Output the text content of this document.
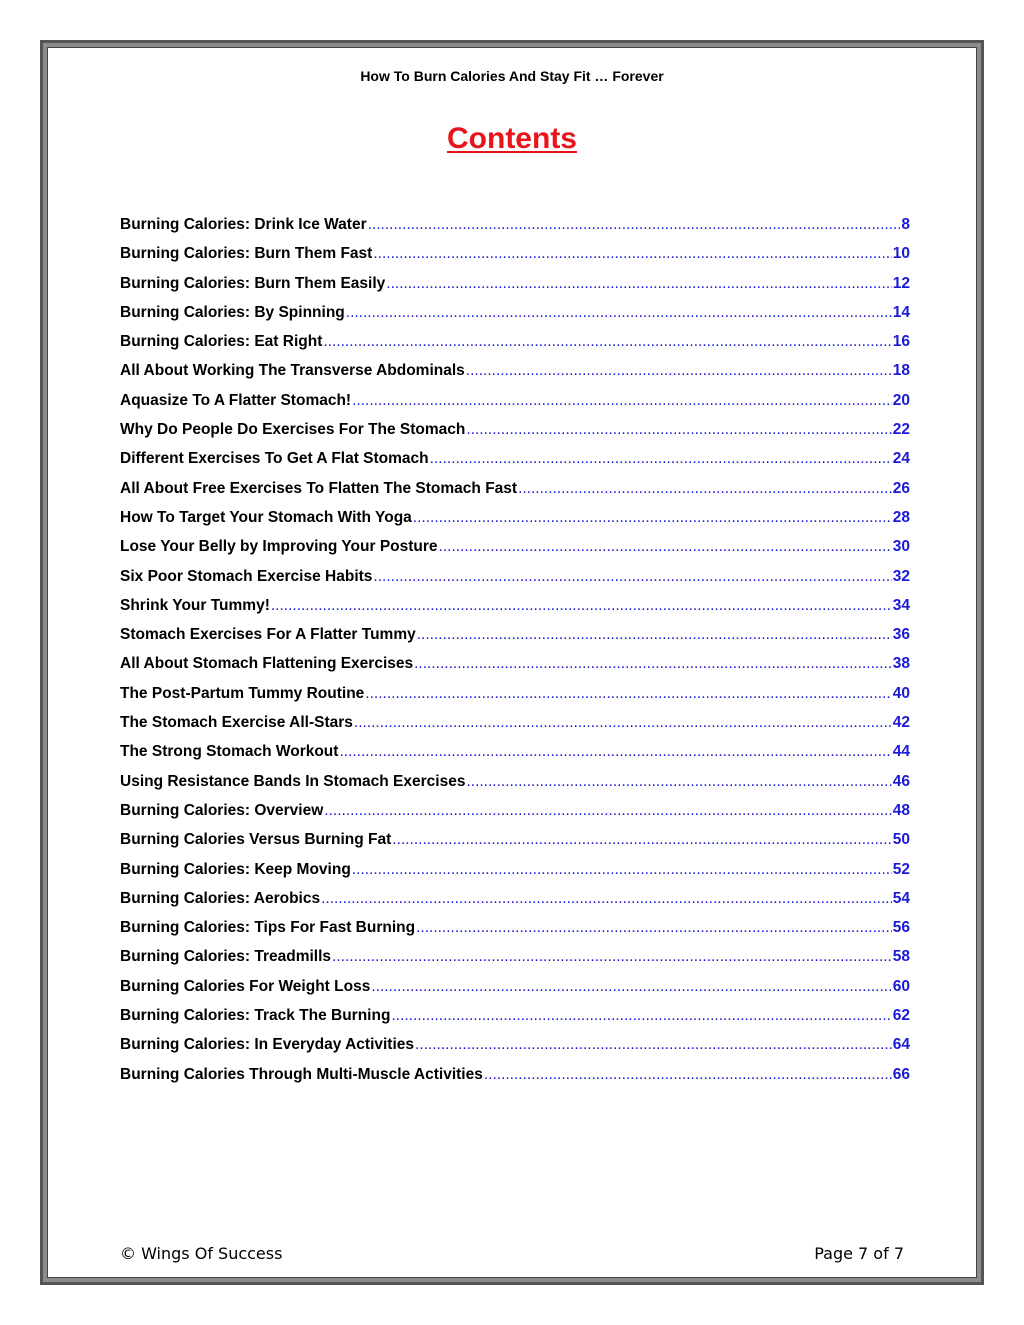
How To Burn Calories And Stay Fit … Forever
Contents
Burning Calories: Drink Ice Water .....	8
Burning Calories: Burn Them Fast .....	10
Burning Calories: Burn Them Easily .....	12
Burning Calories: By Spinning .....	14
Burning Calories: Eat Right .....	16
All About Working The Transverse Abdominals .....	18
Aquasize To A Flatter Stomach! .....	20
Why Do People Do Exercises For The Stomach .....	22
Different Exercises To Get A Flat Stomach .....	24
All About Free Exercises To Flatten The Stomach Fast .....	26
How To Target Your Stomach With Yoga .....	28
Lose Your Belly by Improving Your Posture .....	30
Six Poor Stomach Exercise Habits .....	32
Shrink Your Tummy! .....	34
Stomach Exercises For A Flatter Tummy .....	36
All About Stomach Flattening Exercises .....	38
The Post-Partum Tummy Routine .....	40
The Stomach Exercise All-Stars .....	42
The Strong Stomach Workout .....	44
Using Resistance Bands In Stomach Exercises .....	46
Burning Calories: Overview .....	48
Burning Calories Versus Burning Fat .....	50
Burning Calories: Keep Moving .....	52
Burning Calories: Aerobics .....	54
Burning Calories: Tips For Fast Burning .....	56
Burning Calories: Treadmills .....	58
Burning Calories For Weight Loss .....	60
Burning Calories: Track The Burning .....	62
Burning Calories: In Everyday Activities .....	64
Burning Calories Through Multi-Muscle Activities .....	66
© Wings Of Success	Page 7 of 7
